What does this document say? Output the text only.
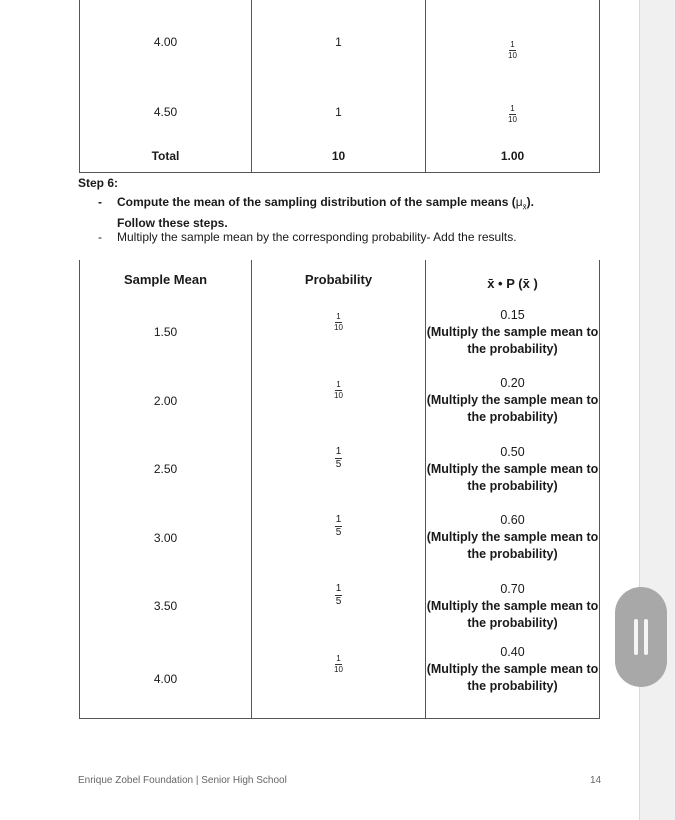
4.00	1	$\frac{1}{10}$

4.50	1	$\frac{1}{10}$

Total	10	1.00
Step 6:
- Compute the mean of the sampling distribution of the sample means $(\mu_{x̄})$.
Follow these steps.
- Multiply the sample mean by the corresponding probability- Add the results.
Sample Mean	Probability	x̄ • P (x̄ )
1.50	$\frac{1}{10}$	0.15
(Multiply the sample mean to the probability)
2.00	$\frac{1}{10}$	0.20
(Multiply the sample mean to the probability)
2.50	$\frac{1}{5}$	0.50
(Multiply the sample mean to the probability)
3.00	$\frac{1}{5}$	0.60
(Multiply the sample mean to the probability)
3.50	$\frac{1}{5}$	0.70
(Multiply the sample mean to the probability)
4.00	$\frac{1}{10}$	0.40
(Multiply the sample mean to the probability)
Enrique Zobel Foundation | Senior High School	14
